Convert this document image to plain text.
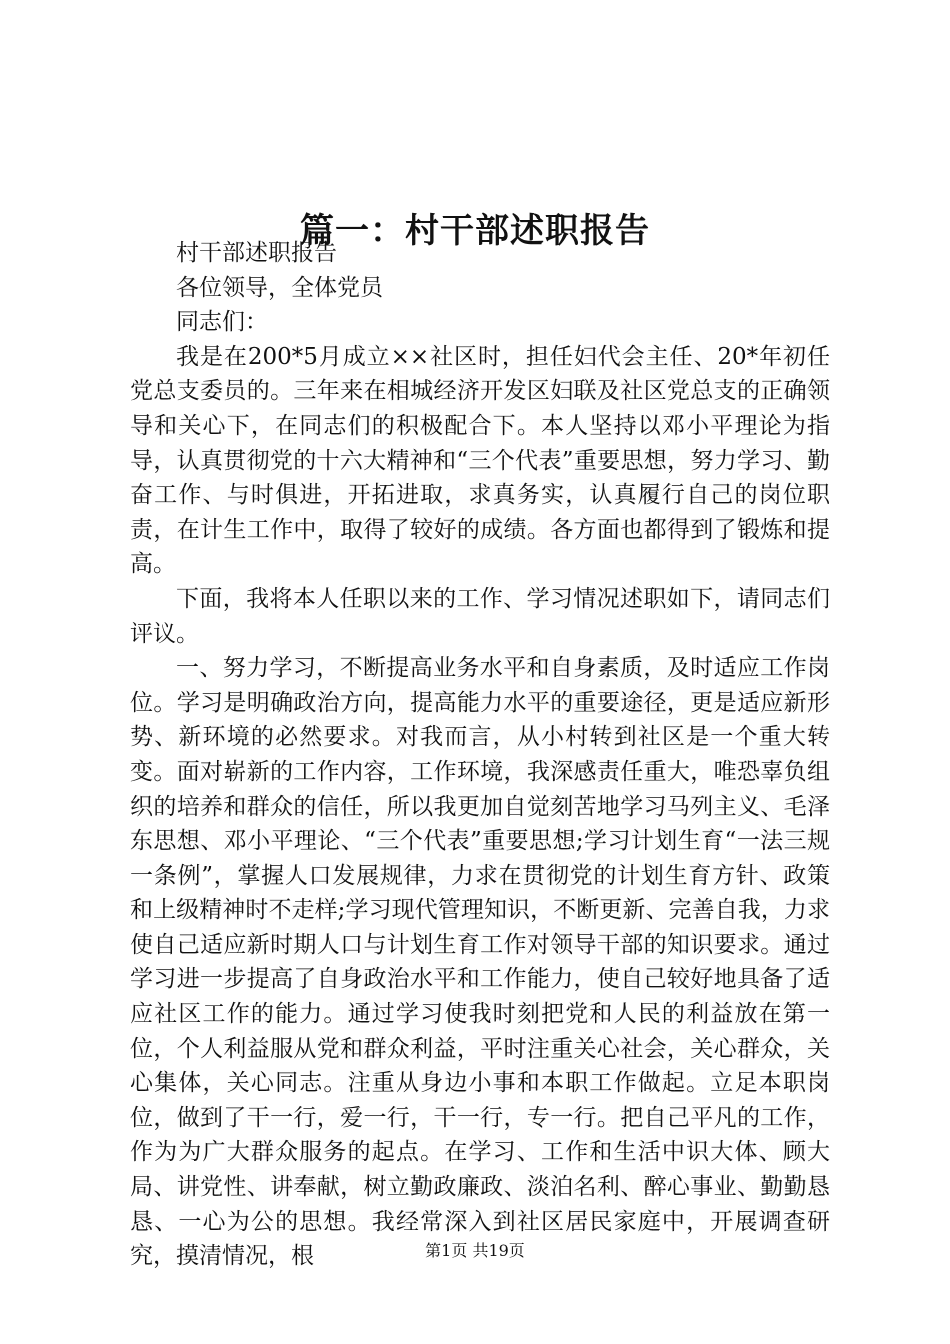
篇一：村干部述职报告

村干部述职报告

各位领导，全体党员

同志们：

我是在200*5月成立××社区时，担任妇代会主任、20*年初任党总支委员的。三年来在相城经济开发区妇联及社区党总支的正确领导和关心下，在同志们的积极配合下。本人坚持以邓小平理论为指导，认真贯彻党的十六大精神和“三个代表”重要思想，努力学习、勤奋工作、与时俱进，开拓进取，求真务实，认真履行自己的岗位职责，在计生工作中，取得了较好的成绩。各方面也都得到了锻炼和提高。

下面，我将本人任职以来的工作、学习情况述职如下，请同志们评议。

一、努力学习，不断提高业务水平和自身素质，及时适应工作岗位。学习是明确政治方向，提高能力水平的重要途径，更是适应新形势、新环境的必然要求。对我而言，从小村转到社区是一个重大转变。面对崭新的工作内容，工作环境，我深感责任重大，唯恐辜负组织的培养和群众的信任，所以我更加自觉刻苦地学习马列主义、毛泽东思想、邓小平理论、“三个代表”重要思想;学习计划生育“一法三规一条例”，掌握人口发展规律，力求在贯彻党的计划生育方针、政策和上级精神时不走样;学习现代管理知识，不断更新、完善自我，力求使自己适应新时期人口与计划生育工作对领导干部的知识要求。通过学习进一步提高了自身政治水平和工作能力，使自己较好地具备了适应社区工作的能力。通过学习使我时刻把党和人民的利益放在第一位，个人利益服从党和群众利益，平时注重关心社会，关心群众，关心集体，关心同志。注重从身边小事和本职工作做起。立足本职岗位，做到了干一行，爱一行，干一行，专一行。把自己平凡的工作，作为为广大群众服务的起点。在学习、工作和生活中识大体、顾大局、讲党性、讲奉献，树立勤政廉政、淡泊名利、醉心事业、勤勤恳恳、一心为公的思想。我经常深入到社区居民家庭中，开展调查研究，摸清情况，根	第1页 共19页
